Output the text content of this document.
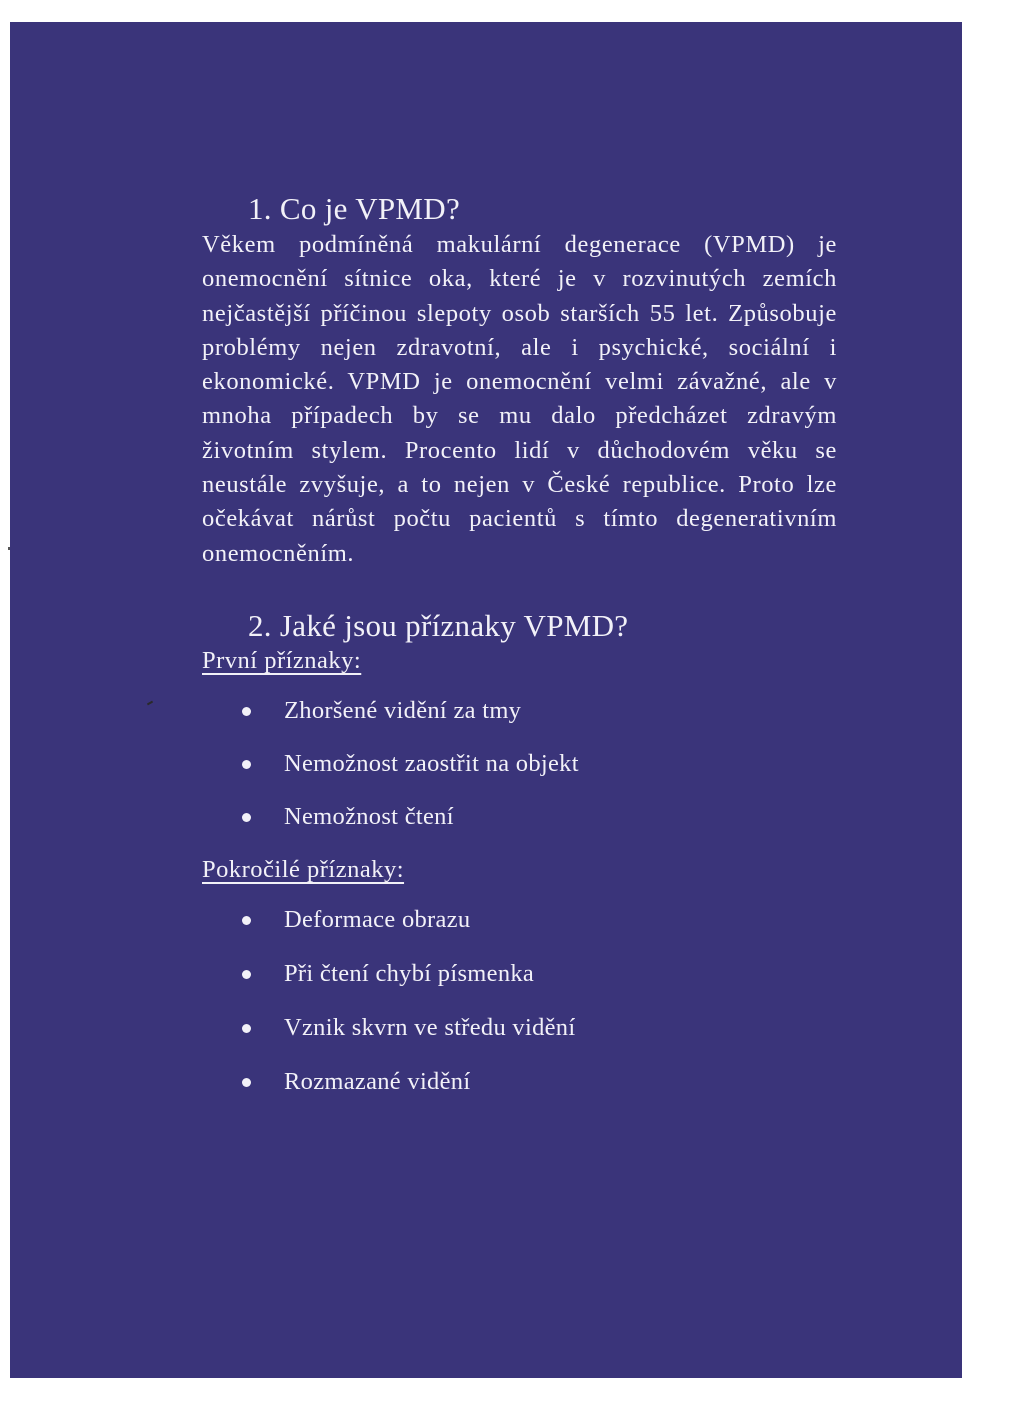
1. Co je VPMD?

Věkem podmíněná makulární degenerace (VPMD) je onemocnění sítnice oka, které je v rozvinutých zemích nejčastější příčinou slepoty osob starších 55 let. Způsobuje problémy nejen zdravotní, ale i psychické, sociální i ekonomické. VPMD je onemocnění velmi závažné, ale v mnoha případech by se mu dalo předcházet zdravým životním stylem. Procento lidí v důchodovém věku se neustále zvyšuje, a to nejen v České republice. Proto lze očekávat nárůst počtu pacientů s tímto degenerativním onemocněním.

2. Jaké jsou příznaky VPMD?
První příznaky:
Zhoršené vidění za tmy
Nemožnost zaostřit na objekt
Nemožnost čtení
Pokročilé příznaky:
Deformace obrazu
Při čtení chybí písmenka
Vznik skvrn ve středu vidění
Rozmazané vidění
